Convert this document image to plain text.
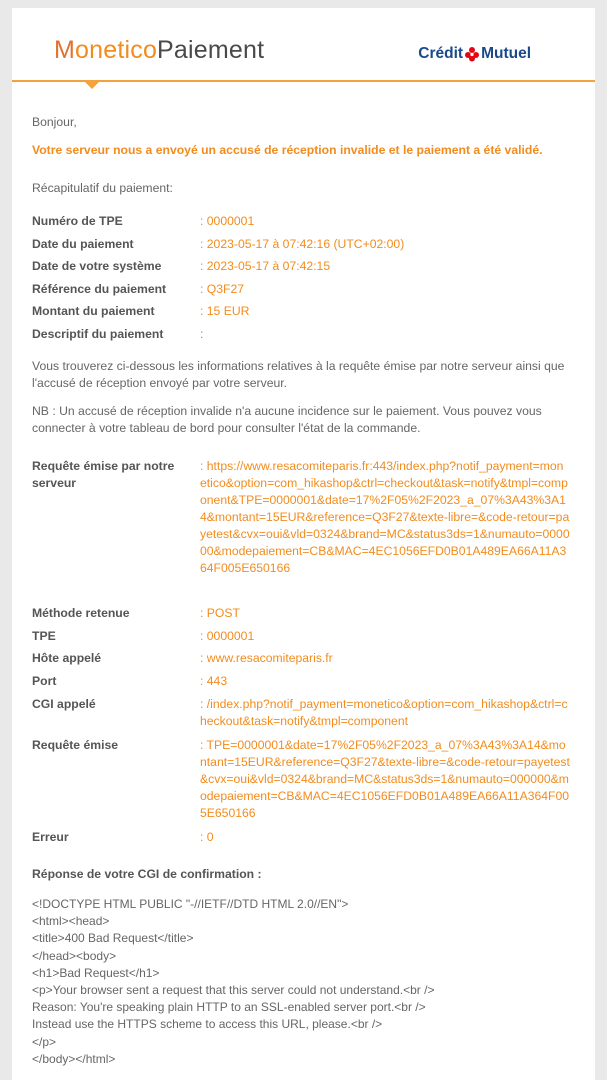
MoneticoPaiement	Crédit Mutuel
Bonjour,
Votre serveur nous a envoyé un accusé de réception invalide et le paiement a été validé.
Récapitulatif du paiement:
Numéro de TPE	: 0000001
Date du paiement	: 2023-05-17 à 07:42:16 (UTC+02:00)
Date de votre système	: 2023-05-17 à 07:42:15
Référence du paiement	: Q3F27
Montant du paiement	: 15 EUR
Descriptif du paiement	:
Vous trouverez ci-dessous les informations relatives à la requête émise par notre serveur ainsi que l'accusé de réception envoyé par votre serveur.
NB : Un accusé de réception invalide n'a aucune incidence sur le paiement. Vous pouvez vous connecter à votre tableau de bord pour consulter l'état de la commande.
Requête émise par notre serveur
: https://www.resacomiteparis.fr:443/index.php?notif_payment=monetico&option=com_hikashop&ctrl=checkout&task=notify&tmpl=component&TPE=0000001&date=17%2F05%2F2023_a_07%3A43%3A14&montant=15EUR&reference=Q3F27&texte-libre=&code-retour=payetest&cvx=oui&vld=0324&brand=MC&status3ds=1&numauto=000000&modepaiement=CB&MAC=4EC1056EFD0B01A489EA66A11A364F005E650166
Méthode retenue	: POST
TPE	: 0000001
Hôte appelé	: www.resacomiteparis.fr
Port	: 443
CGI appelé	: /index.php?notif_payment=monetico&option=com_hikashop&ctrl=checkout&task=notify&tmpl=component
Requête émise	: TPE=0000001&date=17%2F05%2F2023_a_07%3A43%3A14&montant=15EUR&reference=Q3F27&texte-libre=&code-retour=payetest&cvx=oui&vld=0324&brand=MC&status3ds=1&numauto=000000&modepaiement=CB&MAC=4EC1056EFD0B01A489EA66A11A364F005E650166
Erreur	: 0
Réponse de votre CGI de confirmation :
<!DOCTYPE HTML PUBLIC "-//IETF//DTD HTML 2.0//EN">
<html><head>
<title>400 Bad Request</title>
</head><body>
<h1>Bad Request</h1>
<p>Your browser sent a request that this server could not understand.<br />
Reason: You're speaking plain HTTP to an SSL-enabled server port.<br />
Instead use the HTTPS scheme to access this URL, please.<br />
</p>
</body></html>
